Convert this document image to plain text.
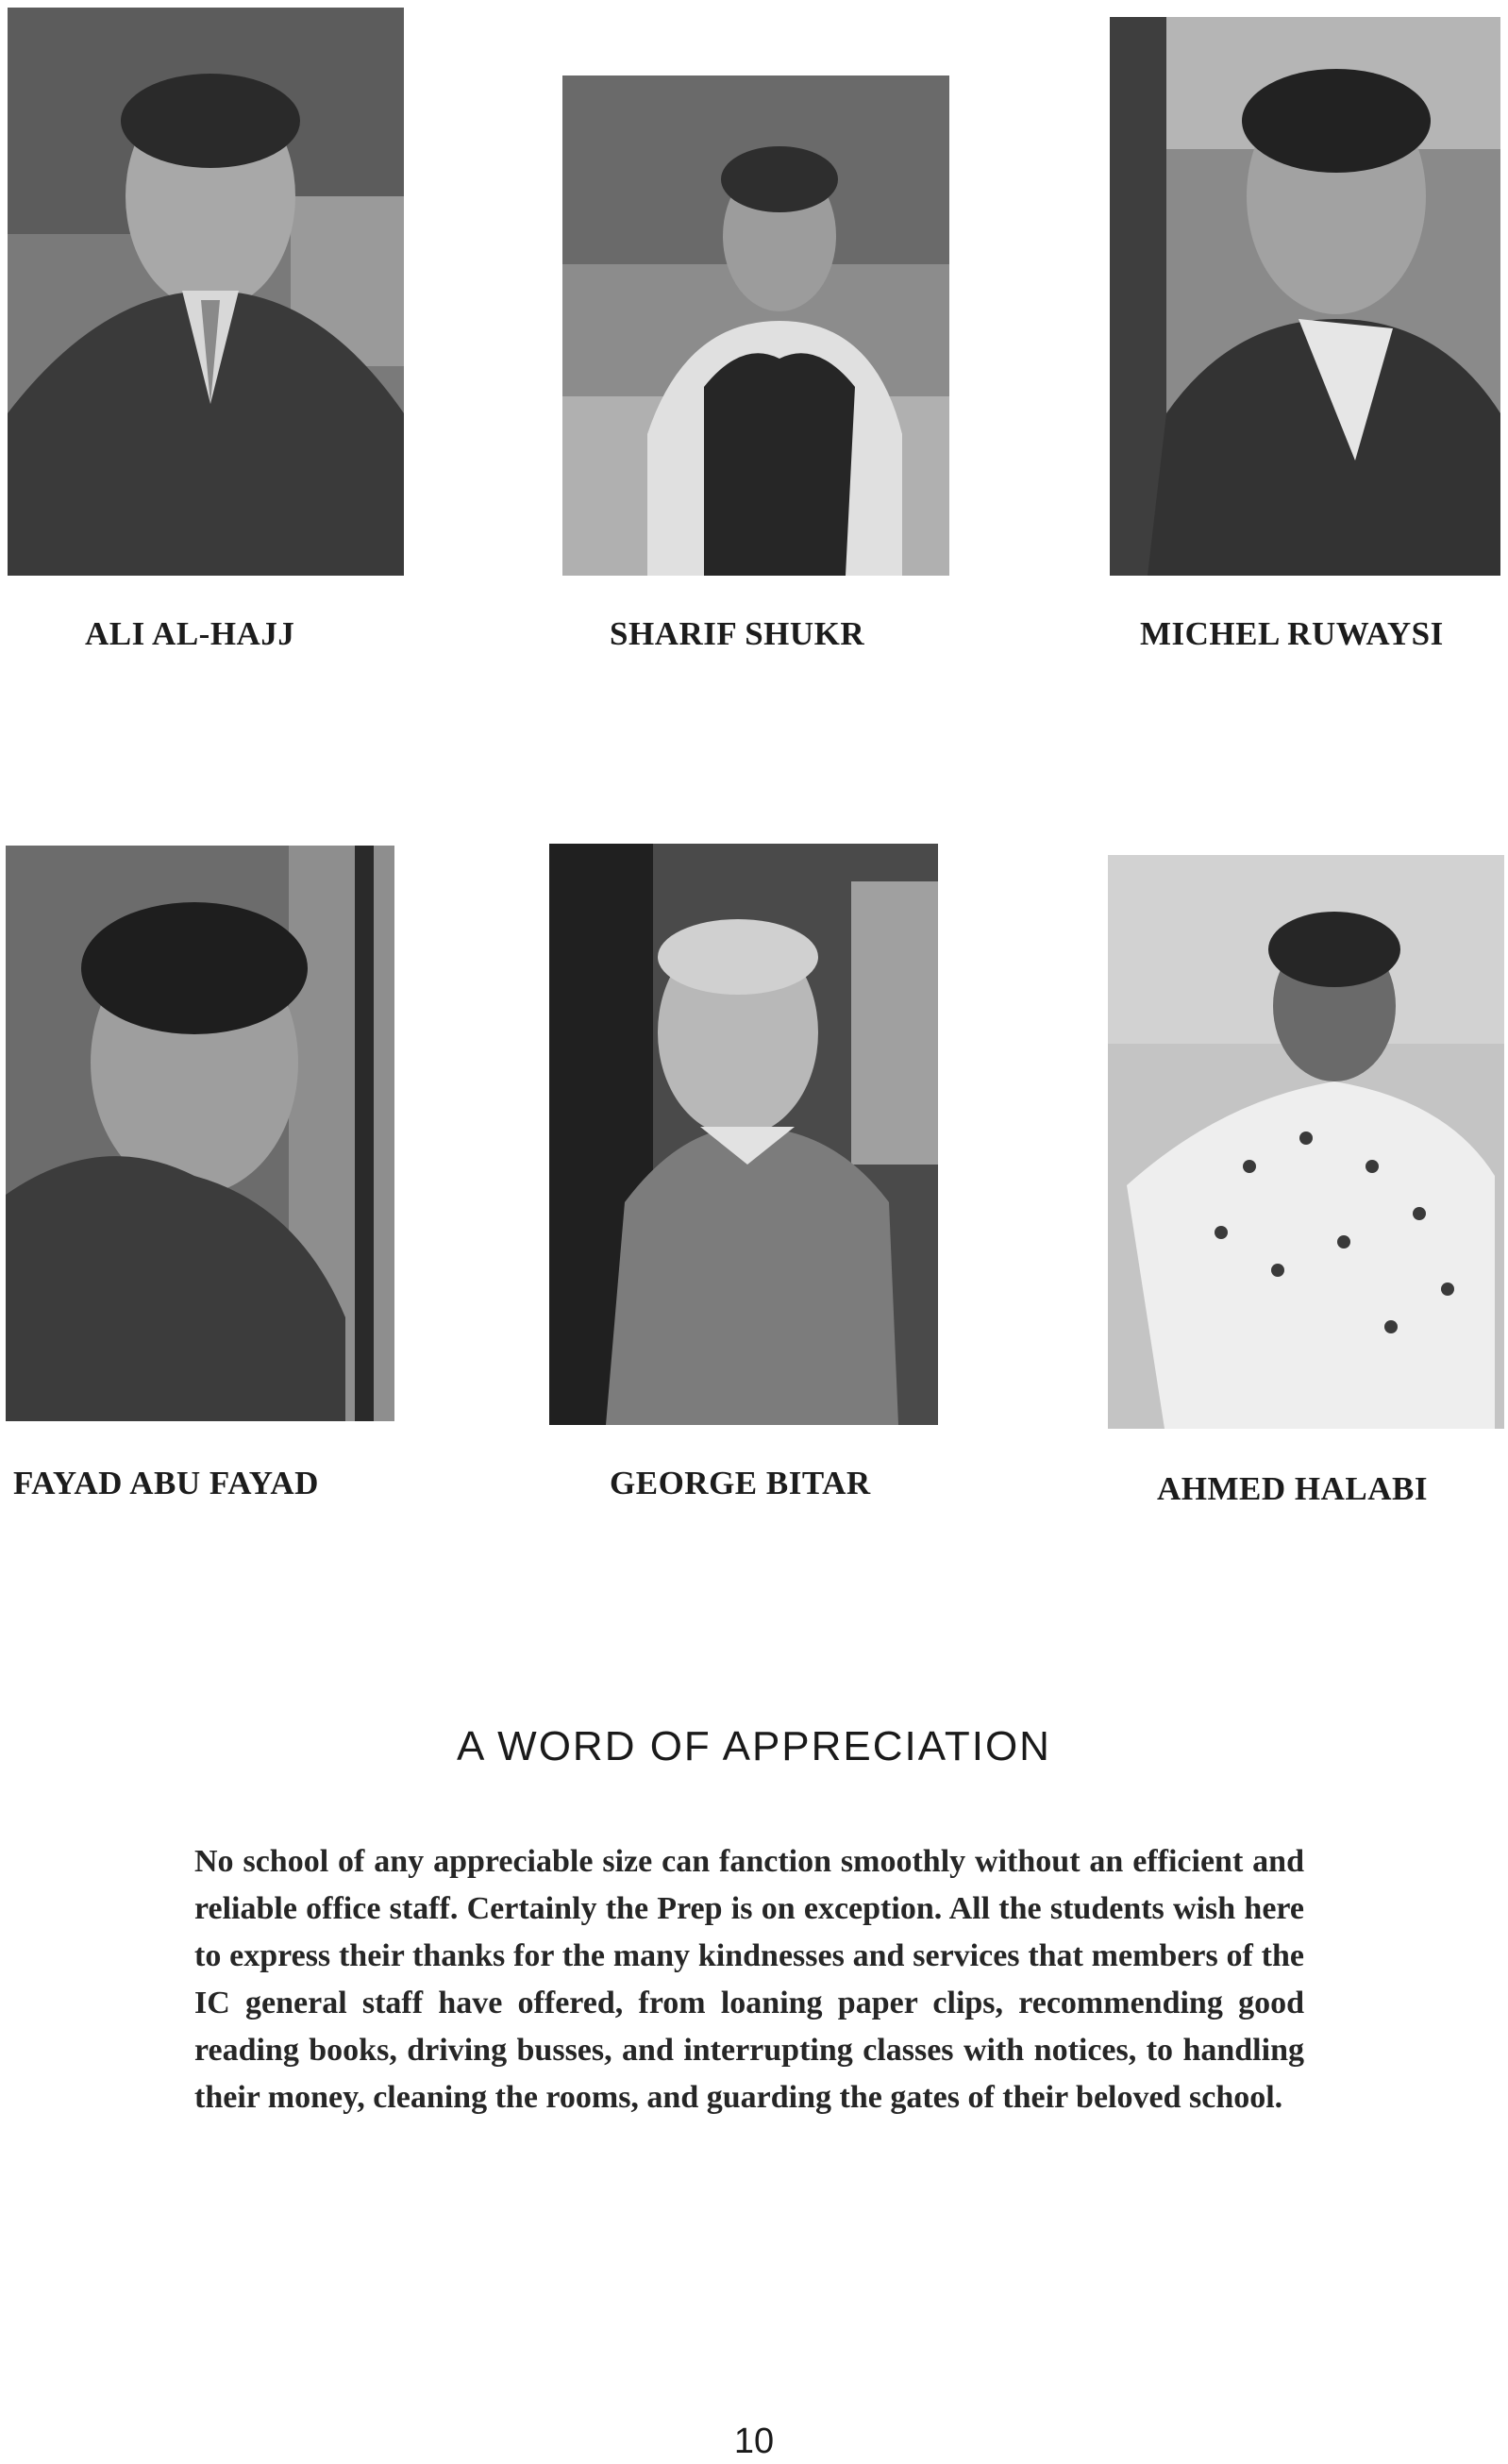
ALI AL-HAJJ	SHARIF SHUKR	MICHEL RUWAYSI
FAYAD ABU FAYAD	GEORGE BITAR	AHMED HALABI
A WORD OF APPRECIATION

No school of any appreciable size can fanction smoothly without an efficient and reliable office staff. Certainly the Prep is on exception. All the students wish here to express their thanks for the many kindnesses and services that members of the IC general staff have offered, from loaning paper clips, recommending good reading books, driving busses, and interrupting classes with notices, to handling their money, cleaning the rooms, and guarding the gates of their beloved school.

10
